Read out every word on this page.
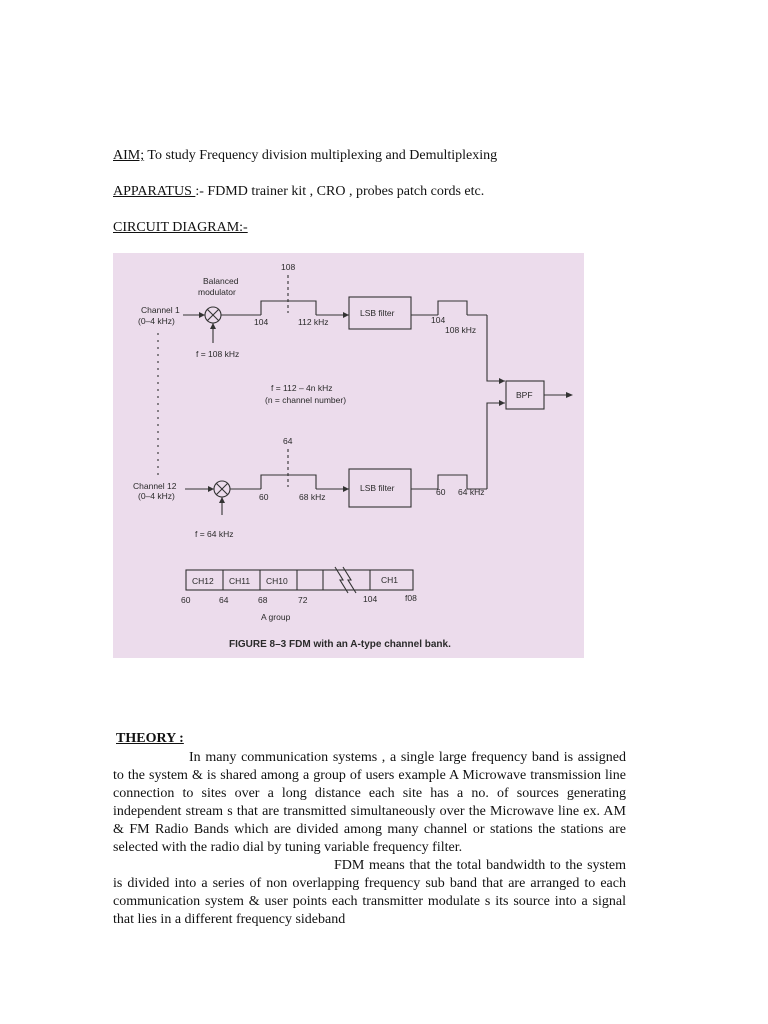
AIM; To study Frequency division multiplexing and Demultiplexing
APPARATUS :- FDMD trainer kit , CRO , probes patch cords etc.
CIRCUIT DIAGRAM:-
108
Balanced
modulator
Channel 1
(0–4 kHz)	104	112 kHz
LSB filter
104
108 kHz
f = 108 kHz
f = 112 – 4n kHz
(n = channel number)	BPF
64
Channel 12
(0–4 kHz)	60	68 kHz
LSB filter	60 64 kHz
f = 64 kHz
CH12 CH11 CH10	CH1
60	64	68	72	104	f08
A group
FIGURE 8–3 FDM with an A-type channel bank.
THEORY :

In many communication systems , a single large frequency band is assigned to the system & is shared among a group of users example A Microwave transmission line connection to sites over a long distance each site has a no. of sources generating independent stream s that are transmitted simultaneously over the Microwave line ex. AM & FM Radio Bands which are divided among many channel or stations the stations are selected with the radio dial by tuning variable frequency filter.

FDM means that the total bandwidth to the system is divided into a series of non overlapping frequency sub band that are arranged to each communication system & user points each transmitter modulate s its source into a signal that lies in a different frequency sideband
